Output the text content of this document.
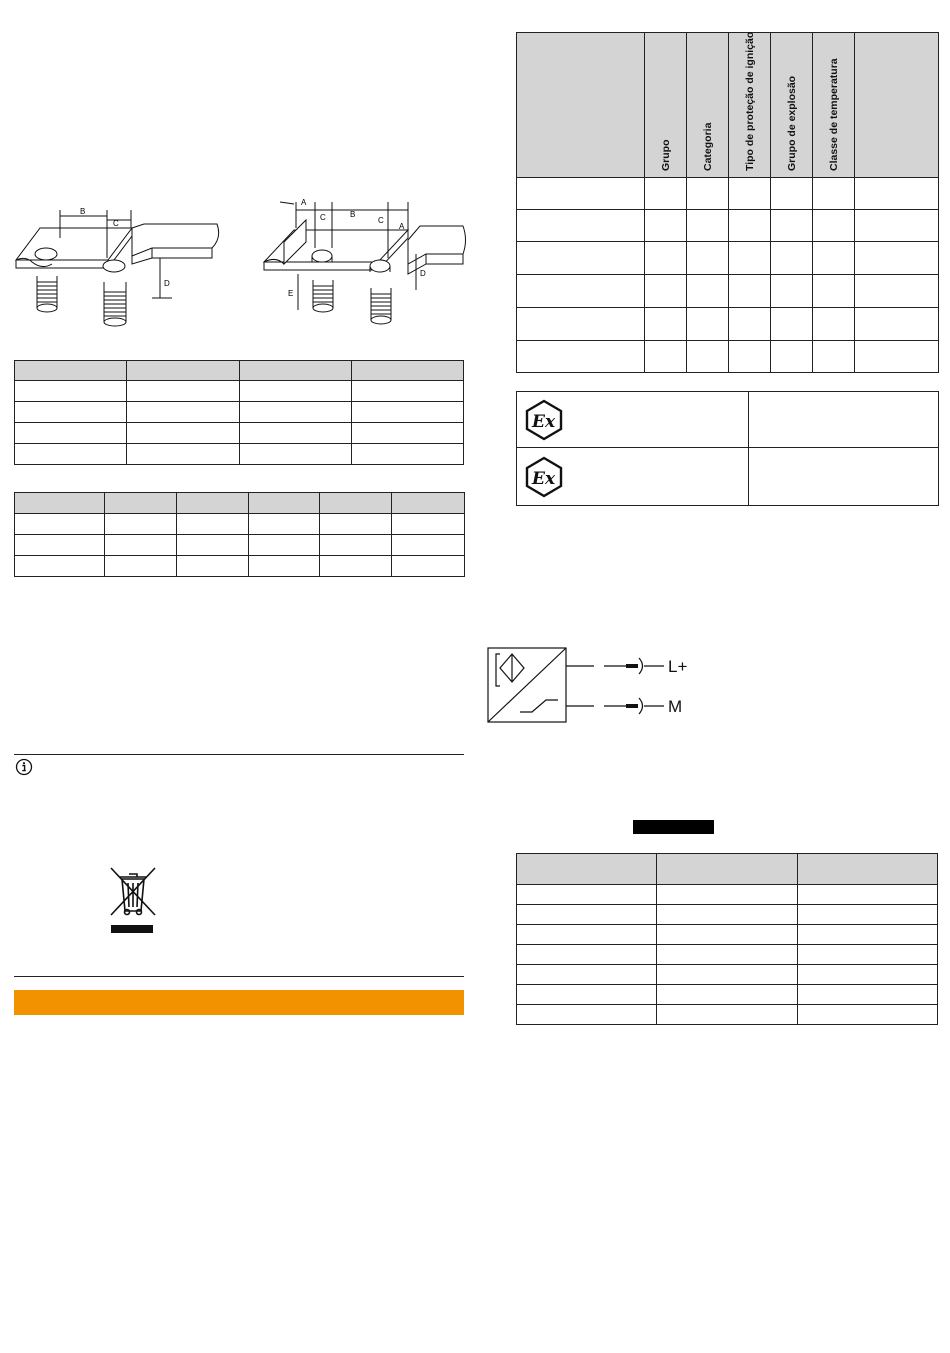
B
C
D
A
C	B
C
A
D
E

	Grupo	Categoria	Tipo de proteção de ignição	Grupo de explosão	Classe de temperatura	

Ex	

Ex	

L+
M
